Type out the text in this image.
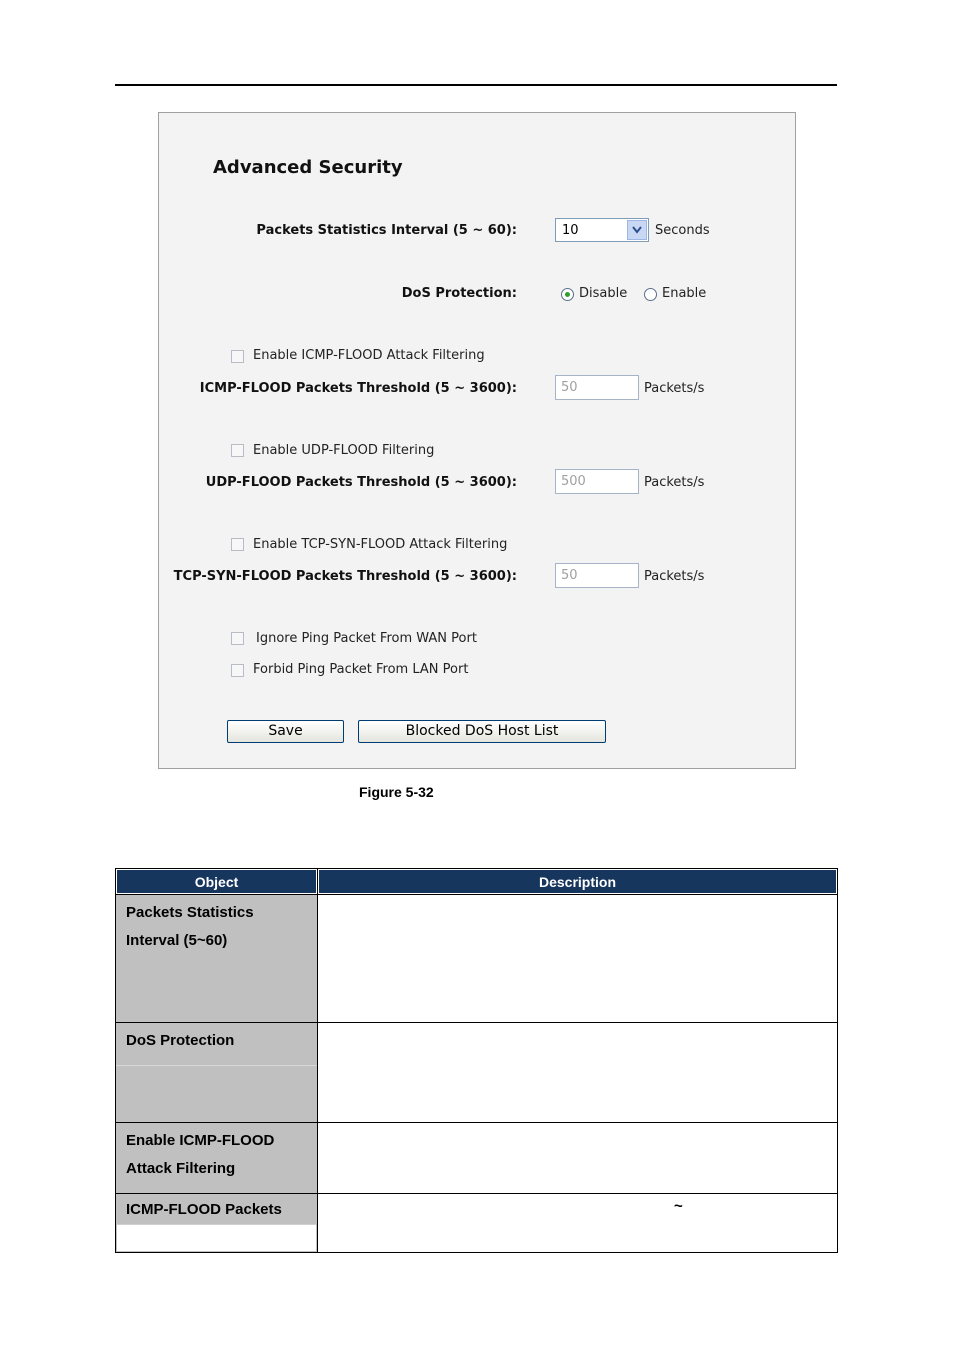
Advanced Security
Packets Statistics Interval (5 ~ 60):	10	Seconds
DoS Protection:	Disable	Enable
Enable ICMP-FLOOD Attack Filtering
ICMP-FLOOD Packets Threshold (5 ~ 3600):	50	Packets/s
Enable UDP-FLOOD Filtering
UDP-FLOOD Packets Threshold (5 ~ 3600):	500	Packets/s
Enable TCP-SYN-FLOOD Attack Filtering
TCP-SYN-FLOOD Packets Threshold (5 ~ 3600):	50	Packets/s
Ignore Ping Packet From WAN Port
Forbid Ping Packet From LAN Port
Save	Blocked DoS Host List
Figure 5-32
Object	Description

Packets Statistics
Interval (5~60)	

DoS Protection	

Enable ICMP-FLOOD
Attack Filtering	

ICMP-FLOOD Packets	~
